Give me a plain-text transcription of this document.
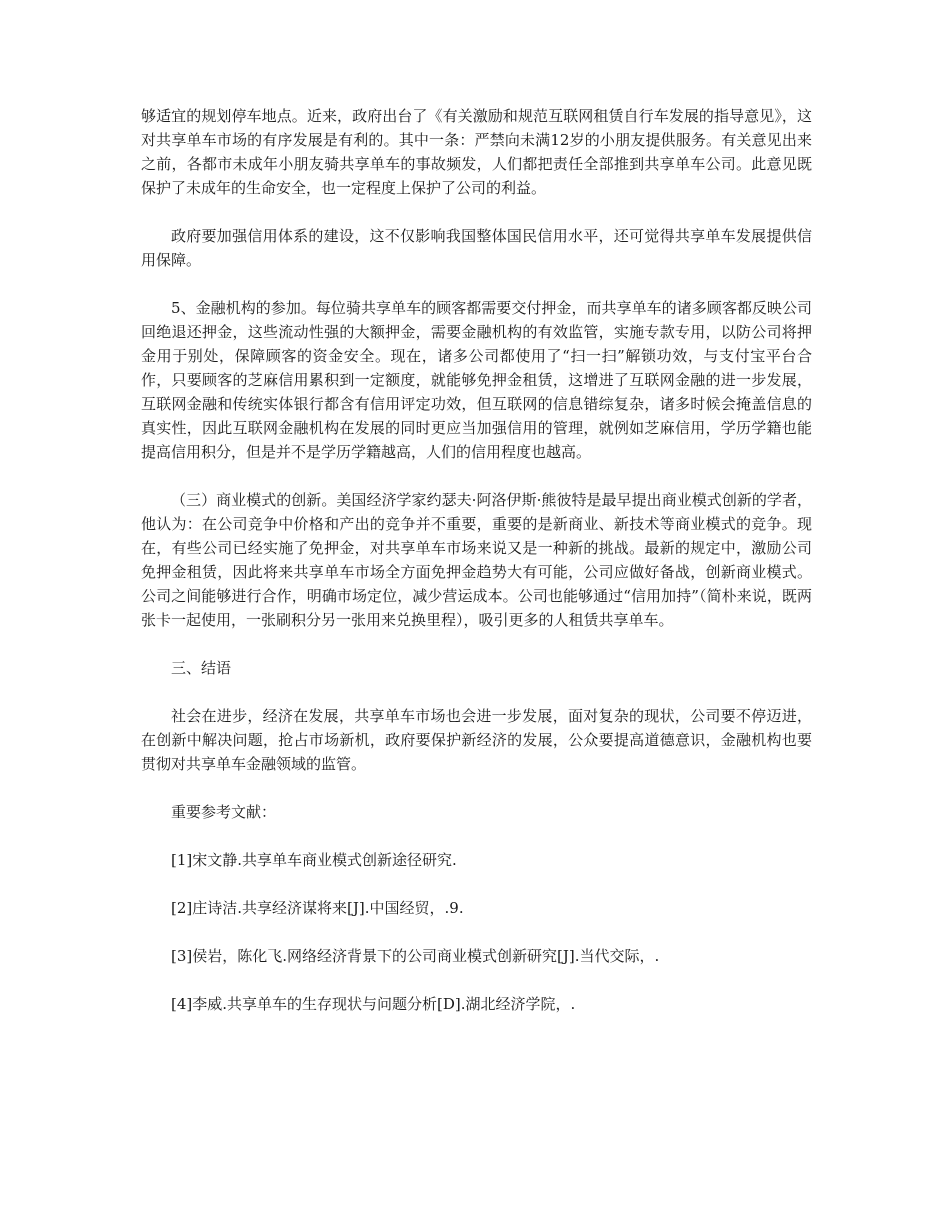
够适宜的规划停车地点。近来，政府出台了《有关激励和规范互联网租赁自行车发展的指导意见》，这对共享单车市场的有序发展是有利的。其中一条：严禁向未满12岁的小朋友提供服务。有关意见出来之前，各都市未成年小朋友骑共享单车的事故频发，人们都把责任全部推到共享单车公司。此意见既保护了未成年的生命安全，也一定程度上保护了公司的利益。

政府要加强信用体系的建设，这不仅影响我国整体国民信用水平，还可觉得共享单车发展提供信用保障。

5、金融机构的参加。每位骑共享单车的顾客都需要交付押金，而共享单车的诸多顾客都反映公司回绝退还押金，这些流动性强的大额押金，需要金融机构的有效监管，实施专款专用，以防公司将押金用于别处，保障顾客的资金安全。现在，诸多公司都使用了“扫一扫”解锁功效，与支付宝平台合作，只要顾客的芝麻信用累积到一定额度，就能够免押金租赁，这增进了互联网金融的进一步发展，互联网金融和传统实体银行都含有信用评定功效，但互联网的信息错综复杂，诸多时候会掩盖信息的真实性，因此互联网金融机构在发展的同时更应当加强信用的管理，就例如芝麻信用，学历学籍也能提高信用积分，但是并不是学历学籍越高，人们的信用程度也越高。

（三）商业模式的创新。美国经济学家约瑟夫·阿洛伊斯·熊彼特是最早提出商业模式创新的学者，他认为：在公司竞争中价格和产出的竞争并不重要，重要的是新商业、新技术等商业模式的竞争。现在，有些公司已经实施了免押金，对共享单车市场来说又是一种新的挑战。最新的规定中，激励公司免押金租赁，因此将来共享单车市场全方面免押金趋势大有可能，公司应做好备战，创新商业模式。公司之间能够进行合作，明确市场定位，减少营运成本。公司也能够通过“信用加持”（简朴来说，既两张卡一起使用，一张刷积分另一张用来兑换里程），吸引更多的人租赁共享单车。

三、结语

社会在进步，经济在发展，共享单车市场也会进一步发展，面对复杂的现状，公司要不停迈进，在创新中解决问题，抢占市场新机，政府要保护新经济的发展，公众要提高道德意识，金融机构也要贯彻对共享单车金融领域的监管。

重要参考文献：

[1]宋文静.共享单车商业模式创新途径研究.

[2]庄诗洁.共享经济谋将来[J].中国经贸，.9.

[3]侯岩，陈化飞.网络经济背景下的公司商业模式创新研究[J].当代交际，.

[4]李威.共享单车的生存现状与问题分析[D].湖北经济学院，.
